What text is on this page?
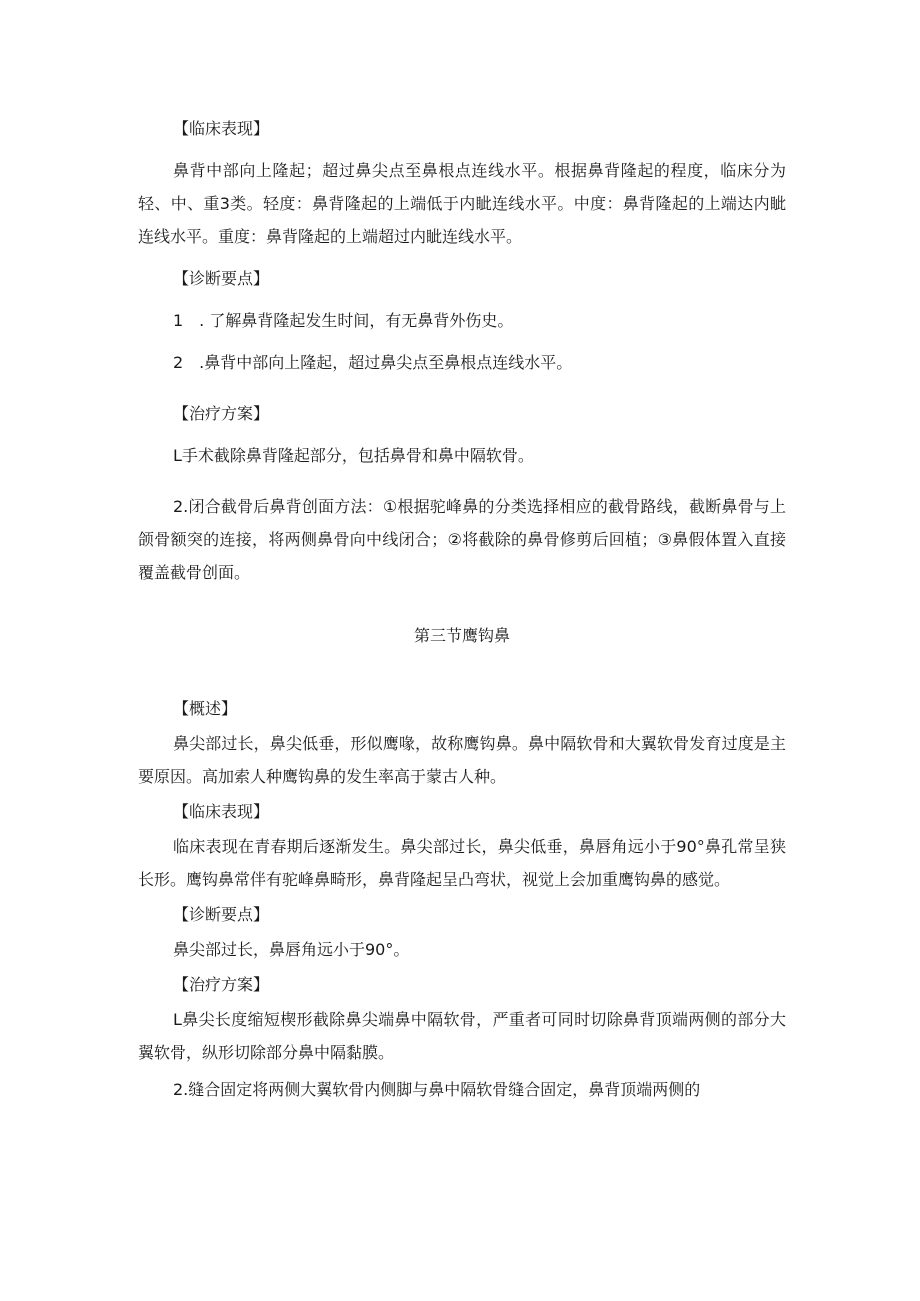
【临床表现】

鼻背中部向上隆起；超过鼻尖点至鼻根点连线水平。根据鼻背隆起的程度，临床分为轻、中、重3类。轻度：鼻背隆起的上端低于内眦连线水平。中度：鼻背隆起的上端达内眦连线水平。重度：鼻背隆起的上端超过内眦连线水平。

【诊断要点】

1　. 了解鼻背隆起发生时间，有无鼻背外伤史。

2　.鼻背中部向上隆起，超过鼻尖点至鼻根点连线水平。

【治疗方案】

L手术截除鼻背隆起部分，包括鼻骨和鼻中隔软骨。

2.闭合截骨后鼻背创面方法：①根据驼峰鼻的分类选择相应的截骨路线，截断鼻骨与上颌骨额突的连接，将两侧鼻骨向中线闭合；②将截除的鼻骨修剪后回植；③鼻假体置入直接覆盖截骨创面。

第三节鹰钩鼻

【概述】

鼻尖部过长，鼻尖低垂，形似鹰喙，故称鹰钩鼻。鼻中隔软骨和大翼软骨发育过度是主要原因。高加索人种鹰钩鼻的发生率高于蒙古人种。

【临床表现】

临床表现在青春期后逐渐发生。鼻尖部过长，鼻尖低垂，鼻唇角远小于90°鼻孔常呈狭长形。鹰钩鼻常伴有驼峰鼻畸形，鼻背隆起呈凸弯状，视觉上会加重鹰钩鼻的感觉。

【诊断要点】

鼻尖部过长，鼻唇角远小于90°。

【治疗方案】

L鼻尖长度缩短楔形截除鼻尖端鼻中隔软骨，严重者可同时切除鼻背顶端两侧的部分大翼软骨，纵形切除部分鼻中隔黏膜。

2.缝合固定将两侧大翼软骨内侧脚与鼻中隔软骨缝合固定，鼻背顶端两侧的
